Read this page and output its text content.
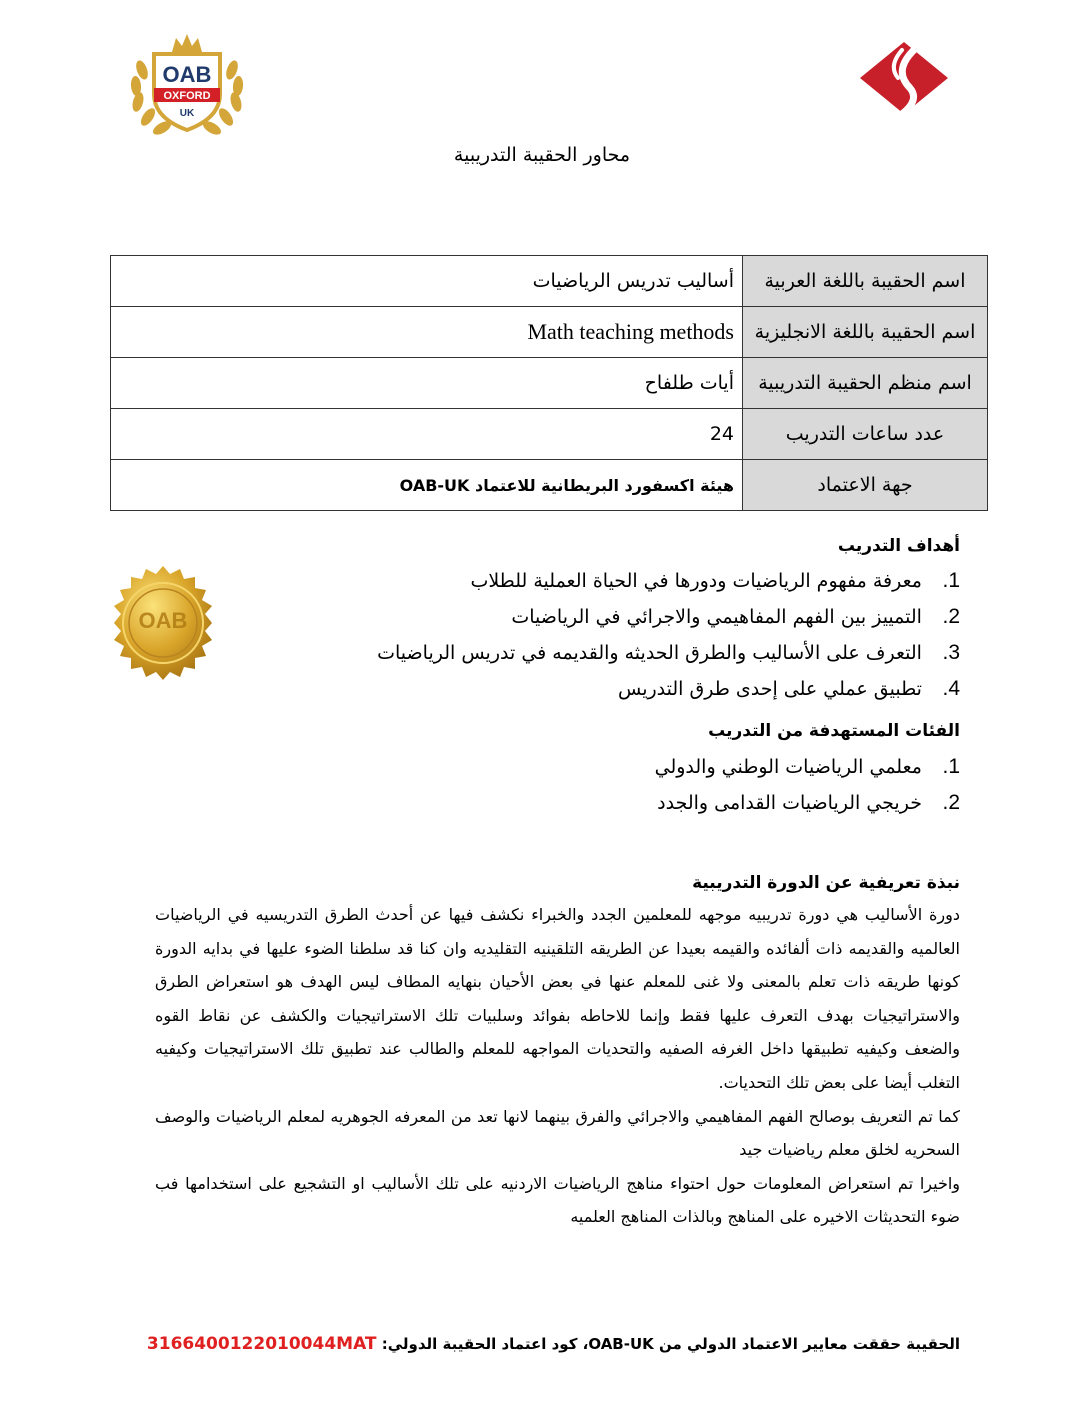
OAB
OXFORD
UK
محاور الحقيبة التدريبية
اسم الحقيبة باللغة العربية	أساليب تدريس الرياضيات
اسم الحقيبة باللغة الانجليزية	Math teaching methods
اسم منظم الحقيبة التدريبية	أيات طلفاح
عدد ساعات التدريب	24
جهة الاعتماد	هيئة اكسفورد البريطانية للاعتماد OAB-UK
OAB
أهداف التدريب
1. معرفة مفهوم الرياضيات ودورها في الحياة العملية للطلاب
2. التمييز بين الفهم المفاهيمي والاجرائي في الرياضيات
3. التعرف على الأساليب والطرق الحديثه والقديمه في تدريس الرياضيات
4. تطبيق عملي على إحدى طرق التدريس
الفئات المستهدفة من التدريب
1. معلمي الرياضيات الوطني والدولي
2. خريجي الرياضيات القدامى والجدد
نبذة تعريفية عن الدورة التدريبية

دورة الأساليب هي دورة تدريبيه موجهه للمعلمين الجدد والخبراء نكشف فيها عن أحدث الطرق التدريسيه في الرياضيات العالميه والقديمه ذات ألفائده والقيمه بعيدا عن الطريقه التلقينيه التقليديه وان كنا قد سلطنا الضوء عليها في بدايه الدورة كونها طريقه ذات تعلم بالمعنى ولا غنى للمعلم عنها في بعض الأحيان بنهايه المطاف ليس الهدف هو استعراض الطرق والاستراتيجيات بهدف التعرف عليها فقط وإنما للاحاطه بفوائد وسلبيات تلك الاستراتيجيات والكشف عن نقاط القوه والضعف وكيفيه تطبيقها داخل الغرفه الصفيه والتحديات المواجهه للمعلم والطالب عند تطبيق تلك الاستراتيجيات وكيفيه التغلب أيضا على بعض تلك التحديات.

كما تم التعريف بوصالح الفهم المفاهيمي والاجرائي والفرق بينهما لانها تعد من المعرفه الجوهريه لمعلم الرياضيات والوصف السحريه لخلق معلم رياضيات جيد

واخيرا تم استعراض المعلومات حول احتواء مناهج الرياضيات الاردنيه على تلك الأساليب او التشجيع على استخدامها فب ضوء التحديثات الاخيره على المناهج وبالذات المناهج العلميه

الحقيبة حققت معايير الاعتماد الدولي من OAB-UK، كود اعتماد الحقيبة الدولي: 3166400122010044MAT
